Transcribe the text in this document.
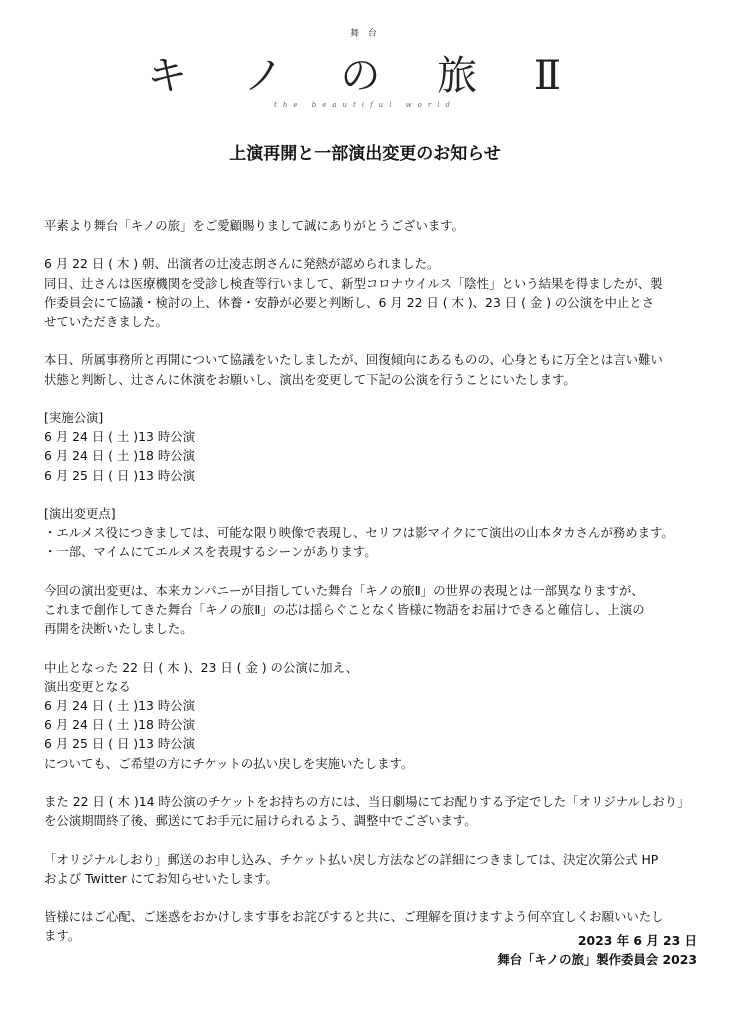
舞 台
キ ノ の 旅 Ⅱ
the beautiful world
上演再開と一部演出変更のお知らせ
平素より舞台「キノの旅」をご愛顧賜りまして誠にありがとうございます。
6 月 22 日 ( 木 ) 朝、出演者の辻凌志朗さんに発熱が認められました。
同日、辻さんは医療機関を受診し検査等行いまして、新型コロナウイルス「陰性」という結果を得ましたが、製
作委員会にて協議・検討の上、休養・安静が必要と判断し、6 月 22 日 ( 木 )、23 日 ( 金 ) の公演を中止とさ
せていただきました。
本日、所属事務所と再開について協議をいたしましたが、回復傾向にあるものの、心身ともに万全とは言い難い
状態と判断し、辻さんに休演をお願いし、演出を変更して下記の公演を行うことにいたします。
[実施公演]
6 月 24 日 ( 土 )13 時公演
6 月 24 日 ( 土 )18 時公演
6 月 25 日 ( 日 )13 時公演
[演出変更点]
・エルメス役につきましては、可能な限り映像で表現し、セリフは影マイクにて演出の山本タカさんが務めます。
・一部、マイムにてエルメスを表現するシーンがあります。
今回の演出変更は、本来カンパニーが目指していた舞台「キノの旅Ⅱ」の世界の表現とは一部異なりますが、
これまで創作してきた舞台「キノの旅Ⅱ」の芯は揺らぐことなく皆様に物語をお届けできると確信し、上演の
再開を決断いたしました。
中止となった 22 日 ( 木 )、23 日 ( 金 ) の公演に加え、
演出変更となる
6 月 24 日 ( 土 )13 時公演
6 月 24 日 ( 土 )18 時公演
6 月 25 日 ( 日 )13 時公演
についても、ご希望の方にチケットの払い戻しを実施いたします。
また 22 日 ( 木 )14 時公演のチケットをお持ちの方には、当日劇場にてお配りする予定でした「オリジナルしおり」
を公演期間終了後、郵送にてお手元に届けられるよう、調整中でございます。
「オリジナルしおり」郵送のお申し込み、チケット払い戻し方法などの詳細につきましては、決定次第公式 HP
および Twitter にてお知らせいたします。
皆様にはご心配、ご迷惑をおかけします事をお詫びすると共に、ご理解を頂けますよう何卒宜しくお願いいたし
ます。	2023 年 6 月 23 日
舞台「キノの旅」製作委員会 2023
